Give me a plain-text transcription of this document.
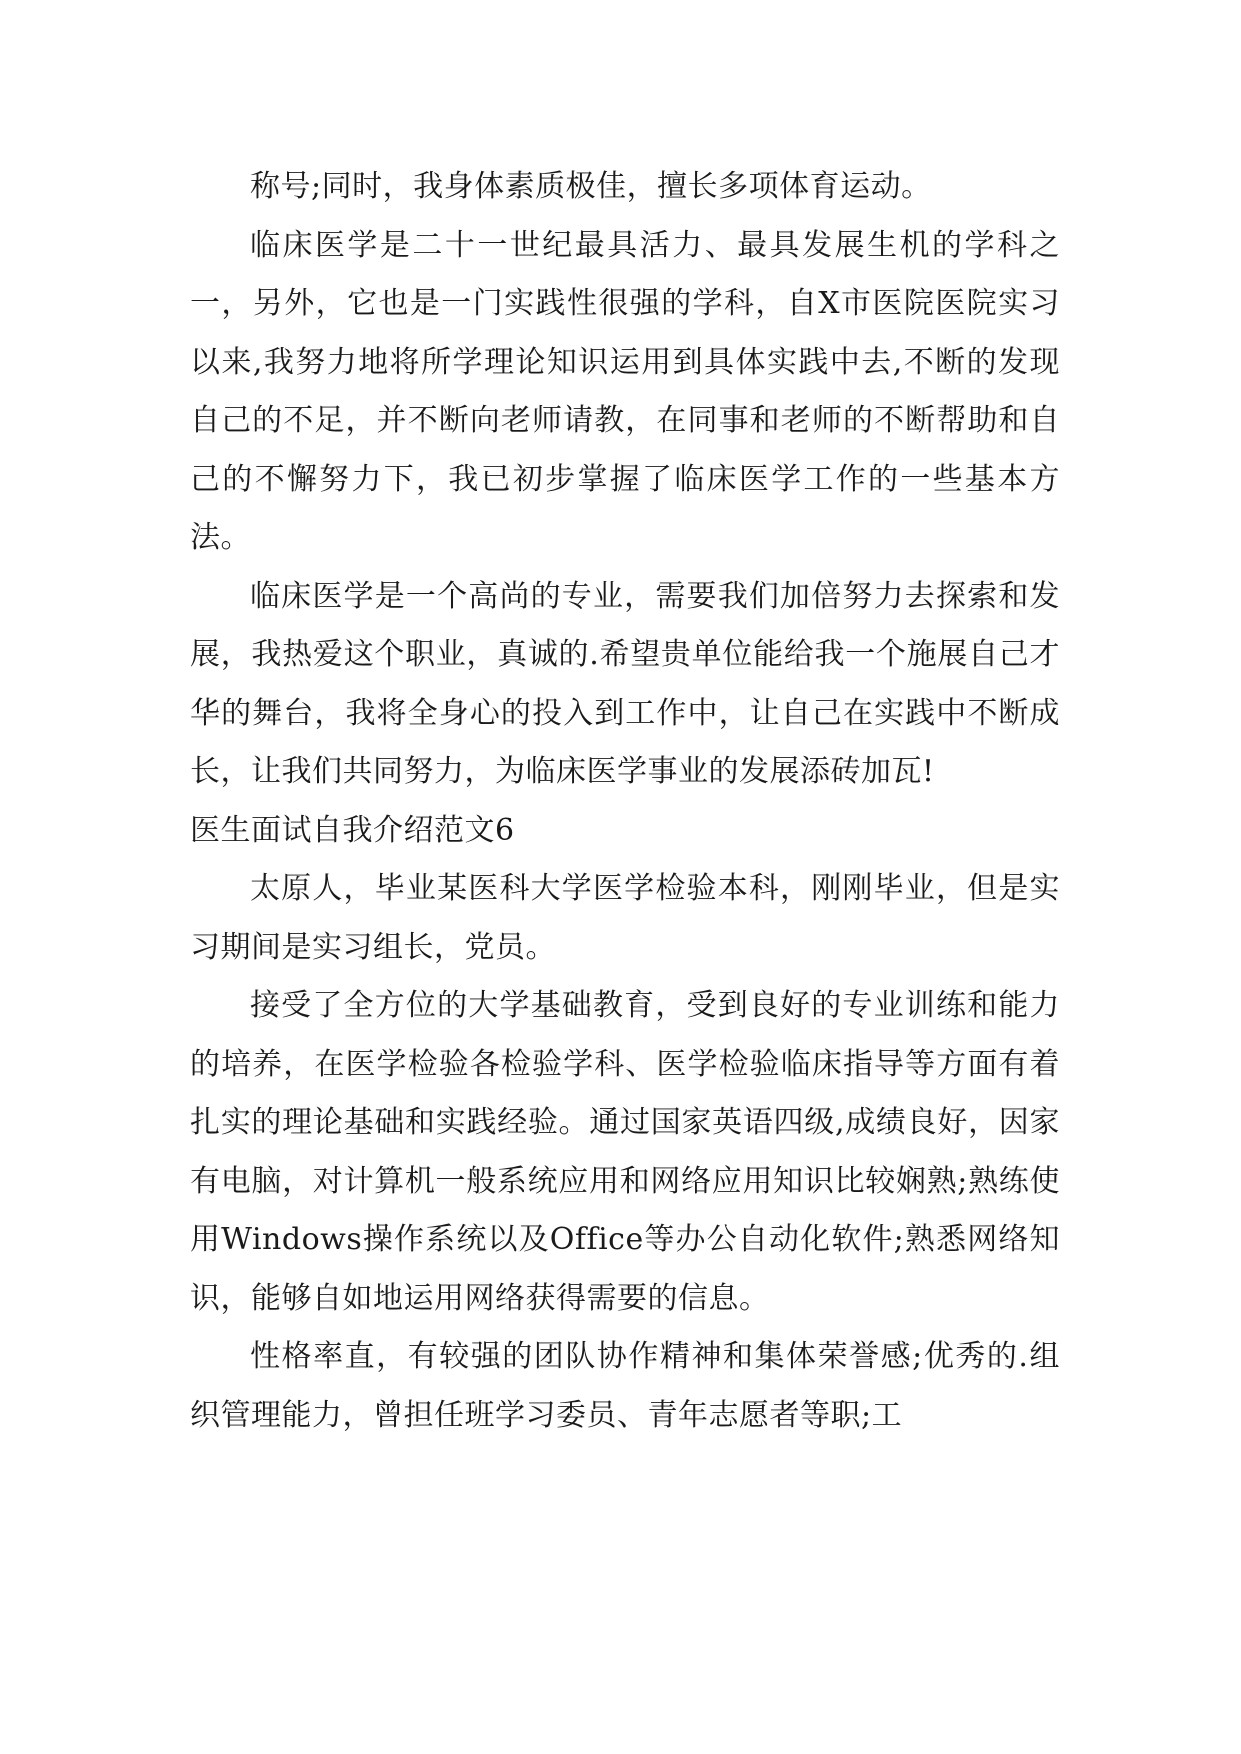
称号;同时，我身体素质极佳，擅长多项体育运动。

临床医学是二十一世纪最具活力、最具发展生机的学科之一，另外，它也是一门实践性很强的学科，自X市医院医院实习以来,我努力地将所学理论知识运用到具体实践中去,不断的发现自己的不足，并不断向老师请教，在同事和老师的不断帮助和自己的不懈努力下，我已初步掌握了临床医学工作的一些基本方法。

临床医学是一个高尚的专业，需要我们加倍努力去探索和发展，我热爱这个职业，真诚的.希望贵单位能给我一个施展自己才华的舞台，我将全身心的投入到工作中，让自己在实践中不断成长，让我们共同努力，为临床医学事业的发展添砖加瓦!

医生面试自我介绍范文6

太原人，毕业某医科大学医学检验本科，刚刚毕业，但是实习期间是实习组长，党员。

接受了全方位的大学基础教育，受到良好的专业训练和能力的培养，在医学检验各检验学科、医学检验临床指导等方面有着扎实的理论基础和实践经验。通过国家英语四级,成绩良好，因家有电脑，对计算机一般系统应用和网络应用知识比较娴熟;熟练使用Windows操作系统以及Office等办公自动化软件;熟悉网络知识，能够自如地运用网络获得需要的信息。

性格率直，有较强的团队协作精神和集体荣誉感;优秀的.组织管理能力，曾担任班学习委员、青年志愿者等职;工
